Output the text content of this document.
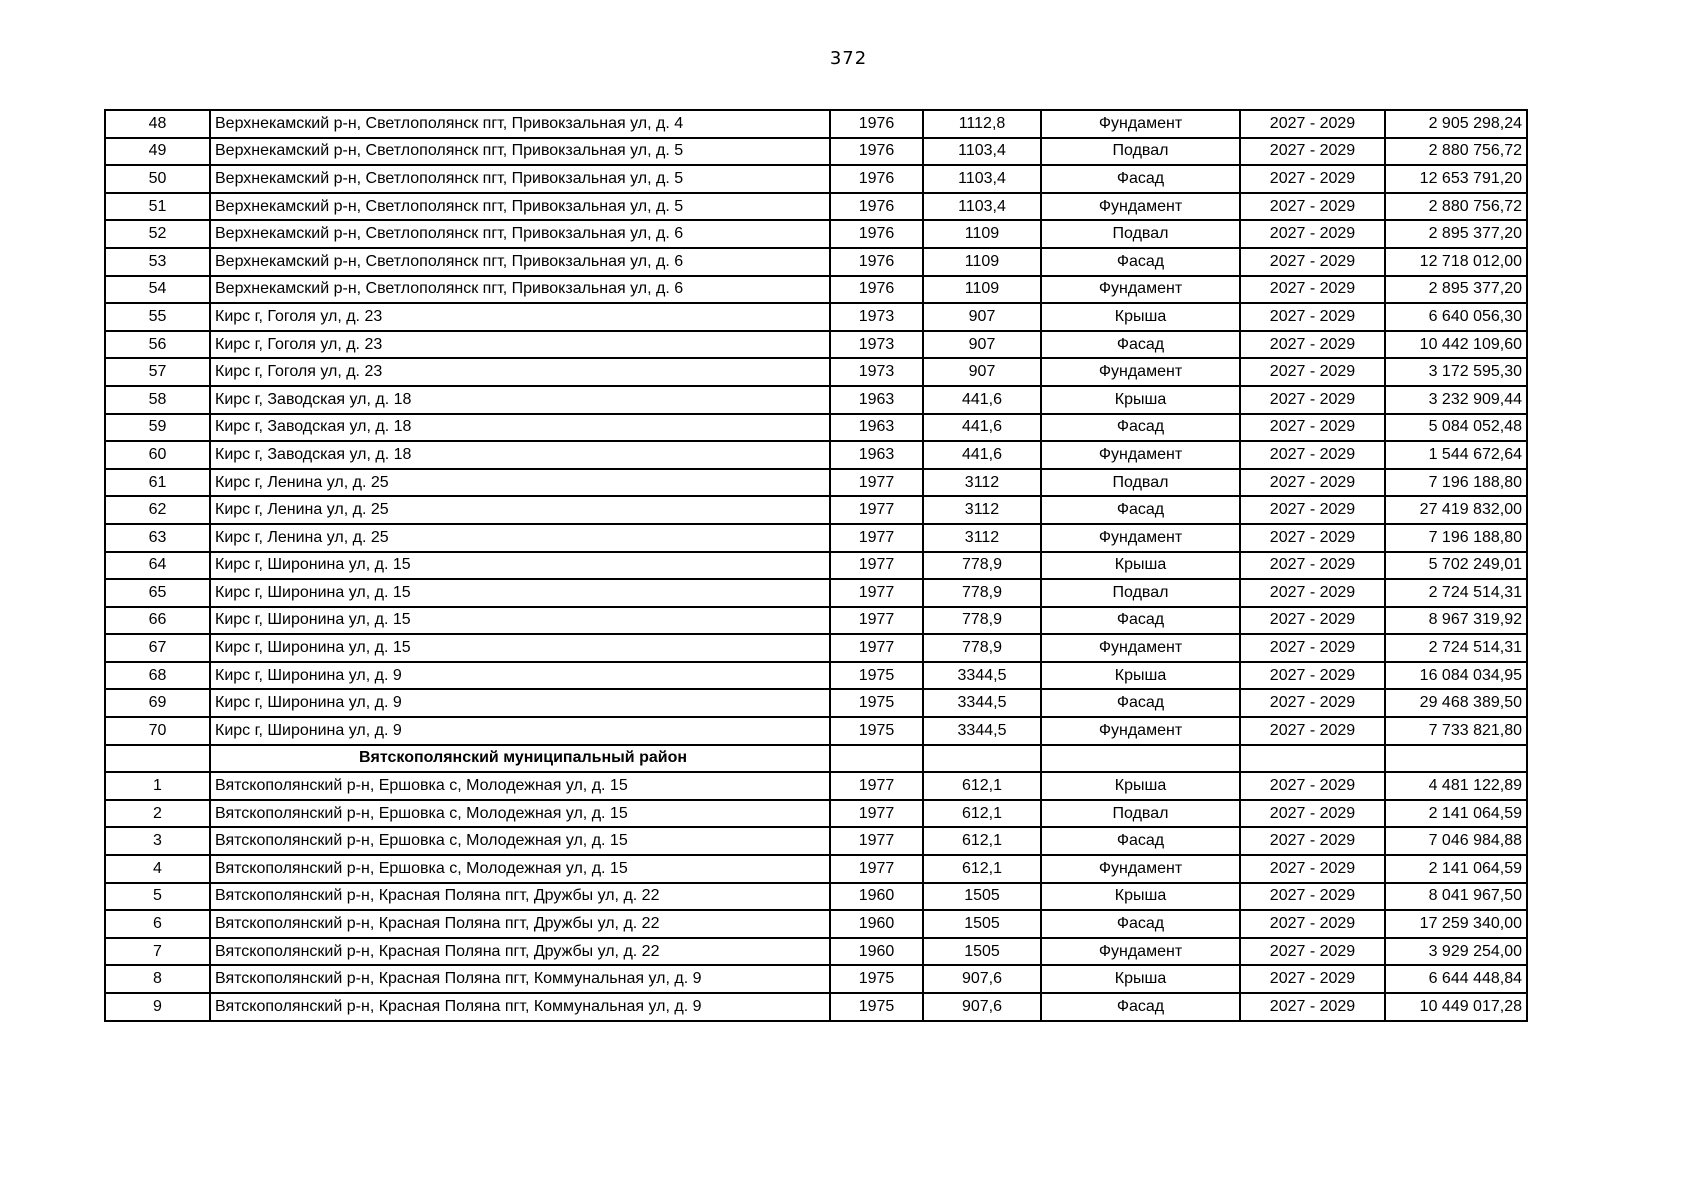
372
48	Верхнекамский р-н, Светлополянск пгт, Привокзальная ул, д. 4	1976	1112,8	Фундамент	2027 - 2029	2 905 298,24
49	Верхнекамский р-н, Светлополянск пгт, Привокзальная ул, д. 5	1976	1103,4	Подвал	2027 - 2029	2 880 756,72
50	Верхнекамский р-н, Светлополянск пгт, Привокзальная ул, д. 5	1976	1103,4	Фасад	2027 - 2029	12 653 791,20
51	Верхнекамский р-н, Светлополянск пгт, Привокзальная ул, д. 5	1976	1103,4	Фундамент	2027 - 2029	2 880 756,72
52	Верхнекамский р-н, Светлополянск пгт, Привокзальная ул, д. 6	1976	1109	Подвал	2027 - 2029	2 895 377,20
53	Верхнекамский р-н, Светлополянск пгт, Привокзальная ул, д. 6	1976	1109	Фасад	2027 - 2029	12 718 012,00
54	Верхнекамский р-н, Светлополянск пгт, Привокзальная ул, д. 6	1976	1109	Фундамент	2027 - 2029	2 895 377,20
55	Кирс г, Гоголя ул, д. 23	1973	907	Крыша	2027 - 2029	6 640 056,30
56	Кирс г, Гоголя ул, д. 23	1973	907	Фасад	2027 - 2029	10 442 109,60
57	Кирс г, Гоголя ул, д. 23	1973	907	Фундамент	2027 - 2029	3 172 595,30
58	Кирс г, Заводская ул, д. 18	1963	441,6	Крыша	2027 - 2029	3 232 909,44
59	Кирс г, Заводская ул, д. 18	1963	441,6	Фасад	2027 - 2029	5 084 052,48
60	Кирс г, Заводская ул, д. 18	1963	441,6	Фундамент	2027 - 2029	1 544 672,64
61	Кирс г, Ленина ул, д. 25	1977	3112	Подвал	2027 - 2029	7 196 188,80
62	Кирс г, Ленина ул, д. 25	1977	3112	Фасад	2027 - 2029	27 419 832,00
63	Кирс г, Ленина ул, д. 25	1977	3112	Фундамент	2027 - 2029	7 196 188,80
64	Кирс г, Широнина ул, д. 15	1977	778,9	Крыша	2027 - 2029	5 702 249,01
65	Кирс г, Широнина ул, д. 15	1977	778,9	Подвал	2027 - 2029	2 724 514,31
66	Кирс г, Широнина ул, д. 15	1977	778,9	Фасад	2027 - 2029	8 967 319,92
67	Кирс г, Широнина ул, д. 15	1977	778,9	Фундамент	2027 - 2029	2 724 514,31
68	Кирс г, Широнина ул, д. 9	1975	3344,5	Крыша	2027 - 2029	16 084 034,95
69	Кирс г, Широнина ул, д. 9	1975	3344,5	Фасад	2027 - 2029	29 468 389,50
70	Кирс г, Широнина ул, д. 9	1975	3344,5	Фундамент	2027 - 2029	7 733 821,80
	Вятскополянский муниципальный район					
1	Вятскополянский р-н, Ершовка с, Молодежная ул, д. 15	1977	612,1	Крыша	2027 - 2029	4 481 122,89
2	Вятскополянский р-н, Ершовка с, Молодежная ул, д. 15	1977	612,1	Подвал	2027 - 2029	2 141 064,59
3	Вятскополянский р-н, Ершовка с, Молодежная ул, д. 15	1977	612,1	Фасад	2027 - 2029	7 046 984,88
4	Вятскополянский р-н, Ершовка с, Молодежная ул, д. 15	1977	612,1	Фундамент	2027 - 2029	2 141 064,59
5	Вятскополянский р-н, Красная Поляна пгт, Дружбы ул, д. 22	1960	1505	Крыша	2027 - 2029	8 041 967,50
6	Вятскополянский р-н, Красная Поляна пгт, Дружбы ул, д. 22	1960	1505	Фасад	2027 - 2029	17 259 340,00
7	Вятскополянский р-н, Красная Поляна пгт, Дружбы ул, д. 22	1960	1505	Фундамент	2027 - 2029	3 929 254,00
8	Вятскополянский р-н, Красная Поляна пгт, Коммунальная ул, д. 9	1975	907,6	Крыша	2027 - 2029	6 644 448,84
9	Вятскополянский р-н, Красная Поляна пгт, Коммунальная ул, д. 9	1975	907,6	Фасад	2027 - 2029	10 449 017,28
